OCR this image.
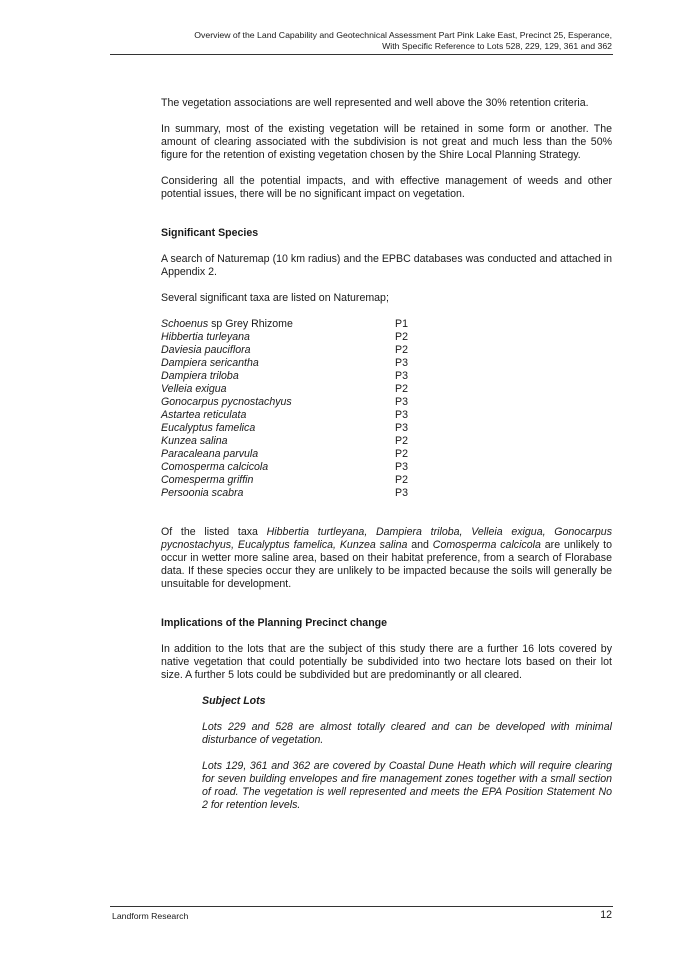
Overview of the Land Capability and Geotechnical Assessment Part Pink Lake East, Precinct 25, Esperance,
With Specific Reference to Lots 528, 229, 129, 361 and 362

The vegetation associations are well represented and well above the 30% retention criteria.

In summary, most of the existing vegetation will be retained in some form or another. The amount of clearing associated with the subdivision is not great and much less than the 50% figure for the retention of existing vegetation chosen by the Shire Local Planning Strategy.

Considering all the potential impacts, and with effective management of weeds and other potential issues, there will be no significant impact on vegetation.

Significant Species

A search of Naturemap (10 km radius) and the EPBC databases was conducted and attached in Appendix 2.

Several significant taxa are listed on Naturemap;

Schoenus sp Grey Rhizome	P1
Hibbertia turleyana	P2
Daviesia pauciflora	P2
Dampiera sericantha	P3
Dampiera triloba	P3
Velleia exigua	P2
Gonocarpus pycnostachyus	P3
Astartea reticulata	P3
Eucalyptus famelica	P3
Kunzea salina	P2
Paracaleana parvula	P2
Comosperma calcicola	P3
Comesperma griffin	P2
Persoonia scabra	P3

Of the listed taxa Hibbertia turtleyana, Dampiera triloba, Velleia exigua, Gonocarpus pycnostachyus, Eucalyptus famelica, Kunzea salina and Comosperma calcicola are unlikely to occur in wetter more saline area, based on their habitat preference, from a search of Florabase data. If these species occur they are unlikely to be impacted because the soils will generally be unsuitable for development.

Implications of the Planning Precinct change

In addition to the lots that are the subject of this study there are a further 16 lots covered by native vegetation that could potentially be subdivided into two hectare lots based on their lot size. A further 5 lots could be subdivided but are predominantly or all cleared.

Subject Lots

Lots 229 and 528 are almost totally cleared and can be developed with minimal disturbance of vegetation.

Lots 129, 361 and 362 are covered by Coastal Dune Heath which will require clearing for seven building envelopes and fire management zones together with a small section of road. The vegetation is well represented and meets the EPA Position Statement No 2 for retention levels.

Landform Research	12
